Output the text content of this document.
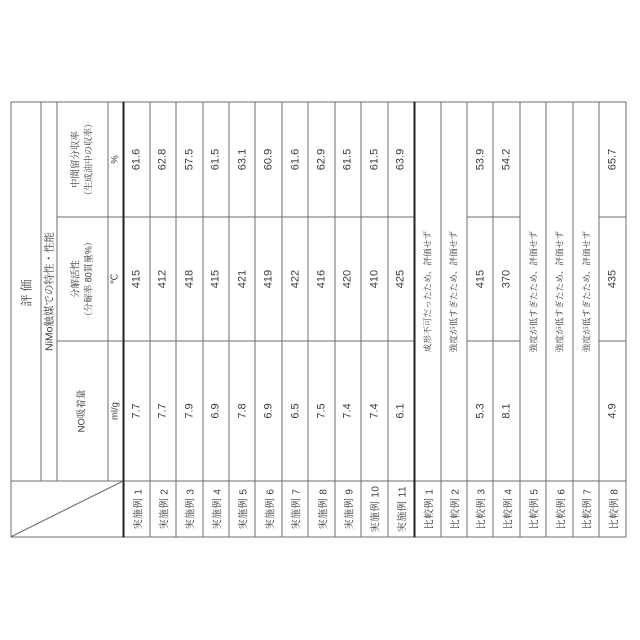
	評価		
	NiMo触媒での特性・性能		

NO吸着量

分解活性 （分解率 80質量%）

中間留分収率 （生成油中の収率）

	ml/g	℃	%
実施例 1	7.7	415	61.6
実施例 2	7.7	412	62.8
実施例 3	7.9	418	57.5
実施例 4	6.9	415	61.5
実施例 5	7.8	421	63.1
実施例 6	6.9	419	60.9
実施例 7	6.5	422	61.6
実施例 8	7.5	416	62.9
実施例 9	7.4	420	61.5
実施例 10	7.4	410	61.5
実施例 11	6.1	425	63.9
比較例 1	成形不可だったため、評価せず		
比較例 2	強度が低すぎたため、評価せず		
比較例 3	5.3	415	53.9
比較例 4	8.1	370	54.2
比較例 5	強度が低すぎたため、評価せず		
比較例 6	強度が低すぎたため、評価せず		
比較例 7	強度が低すぎたため、評価せず		
比較例 8	4.9	435	65.7
